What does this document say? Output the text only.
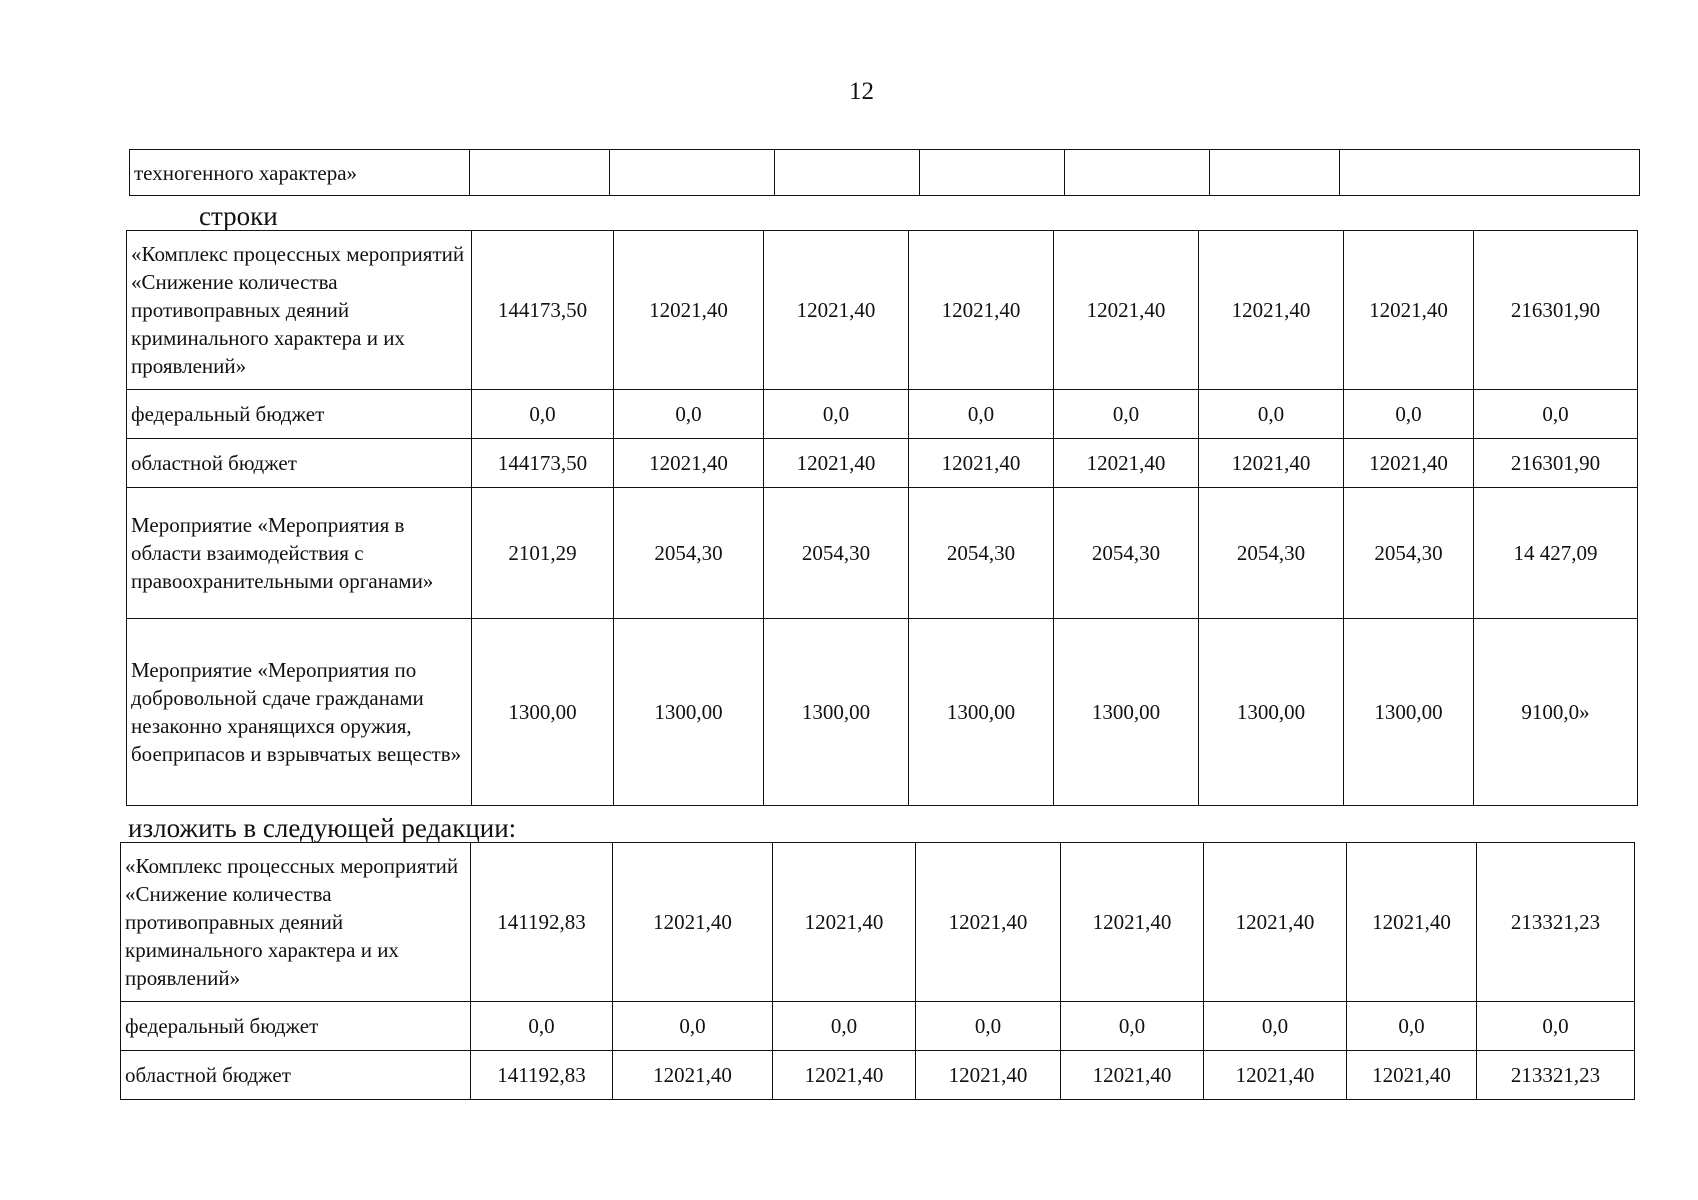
12
техногенного характера»								
строки
«Комплекс процессных мероприятий «Снижение количества противоправных деяний криминального характера и их проявлений»	144173,50	12021,40	12021,40	12021,40	12021,40	12021,40	12021,40	216301,90
федеральный бюджет	0,0	0,0	0,0	0,0	0,0	0,0	0,0	0,0
областной бюджет	144173,50	12021,40	12021,40	12021,40	12021,40	12021,40	12021,40	216301,90
Мероприятие «Мероприятия в области взаимодействия с правоохранительными органами»	2101,29	2054,30	2054,30	2054,30	2054,30	2054,30	2054,30	14 427,09
Мероприятие «Мероприятия по добровольной сдаче гражданами незаконно хранящихся оружия, боеприпасов и взрывчатых веществ»	1300,00	1300,00	1300,00	1300,00	1300,00	1300,00	1300,00	9100,0»
изложить в следующей редакции:
«Комплекс процессных мероприятий «Снижение количества противоправных деяний криминального характера и их проявлений»	141192,83	12021,40	12021,40	12021,40	12021,40	12021,40	12021,40	213321,23
федеральный бюджет	0,0	0,0	0,0	0,0	0,0	0,0	0,0	0,0
областной бюджет	141192,83	12021,40	12021,40	12021,40	12021,40	12021,40	12021,40	213321,23
